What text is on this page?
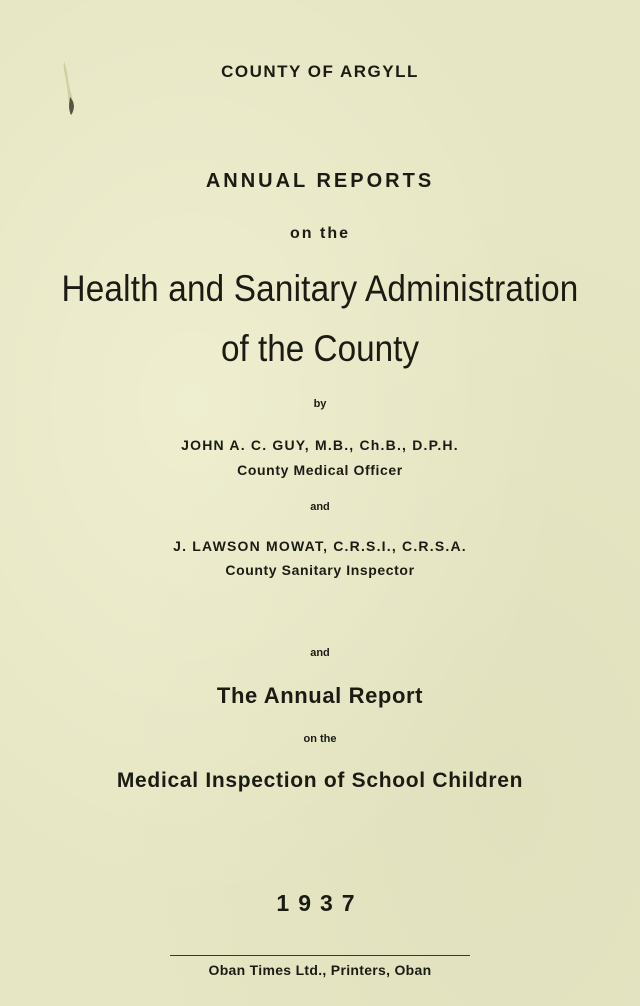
COUNTY OF ARGYLL
ANNUAL REPORTS
on the
Health and Sanitary Administration
of the County
by
JOHN A. C. GUY, M.B., Ch.B., D.P.H.
County Medical Officer
and
J. LAWSON MOWAT, C.R.S.I., C.R.S.A.
County Sanitary Inspector
and
The Annual Report
on the
Medical Inspection of School Children
1937
Oban Times Ltd., Printers, Oban
